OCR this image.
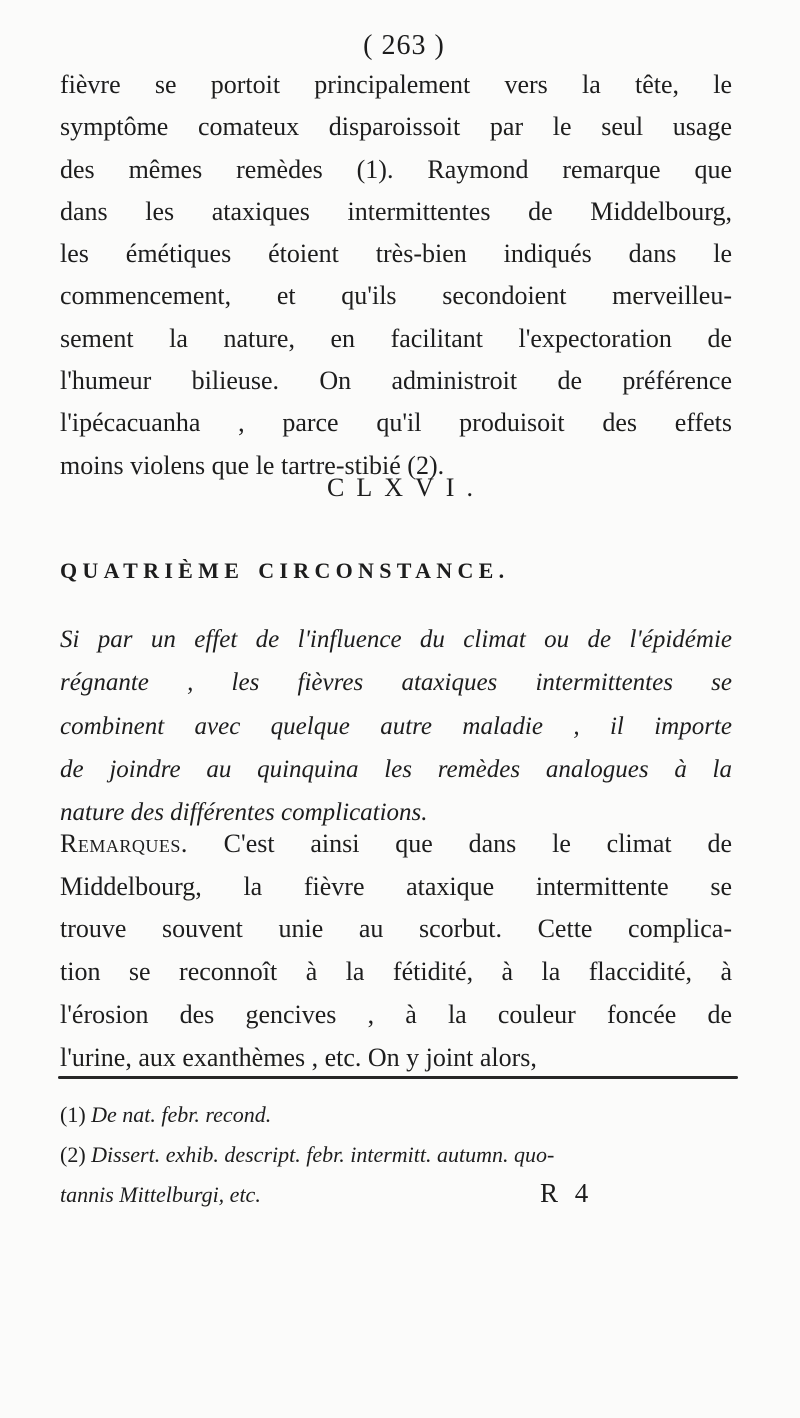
( 263 )
fièvre se portoit principalement vers la tête, le
symptôme comateux disparoissoit par le seul usage
des mêmes remèdes (1). Raymond remarque que
dans les ataxiques intermittentes de Middelbourg,
les émétiques étoient très-bien indiqués dans le
commencement, et qu'ils secondoient merveilleu-
sement la nature, en facilitant l'expectoration de
l'humeur bilieuse. On administroit de préférence
l'ipécacuanha , parce qu'il produisoit des effets
moins violens que le tartre-stibié (2).
CLXVI.
QUATRIÈME CIRCONSTANCE.
Si par un effet de l'influence du climat ou de l'épidémie
régnante , les fièvres ataxiques intermittentes se
combinent avec quelque autre maladie , il importe
de joindre au quinquina les remèdes analogues à la
nature des différentes complications.
Remarques. C'est ainsi que dans le climat de
Middelbourg, la fièvre ataxique intermittente se
trouve souvent unie au scorbut. Cette complica-
tion se reconnoît à la fétidité, à la flaccidité, à
l'érosion des gencives , à la couleur foncée de
l'urine, aux exanthèmes , etc. On y joint alors,

(1) De nat. febr. recond.

(2) Dissert. exhib. descript. febr. intermitt. autumn. quo-

tannis Mittelburgi, etc.	R 4
